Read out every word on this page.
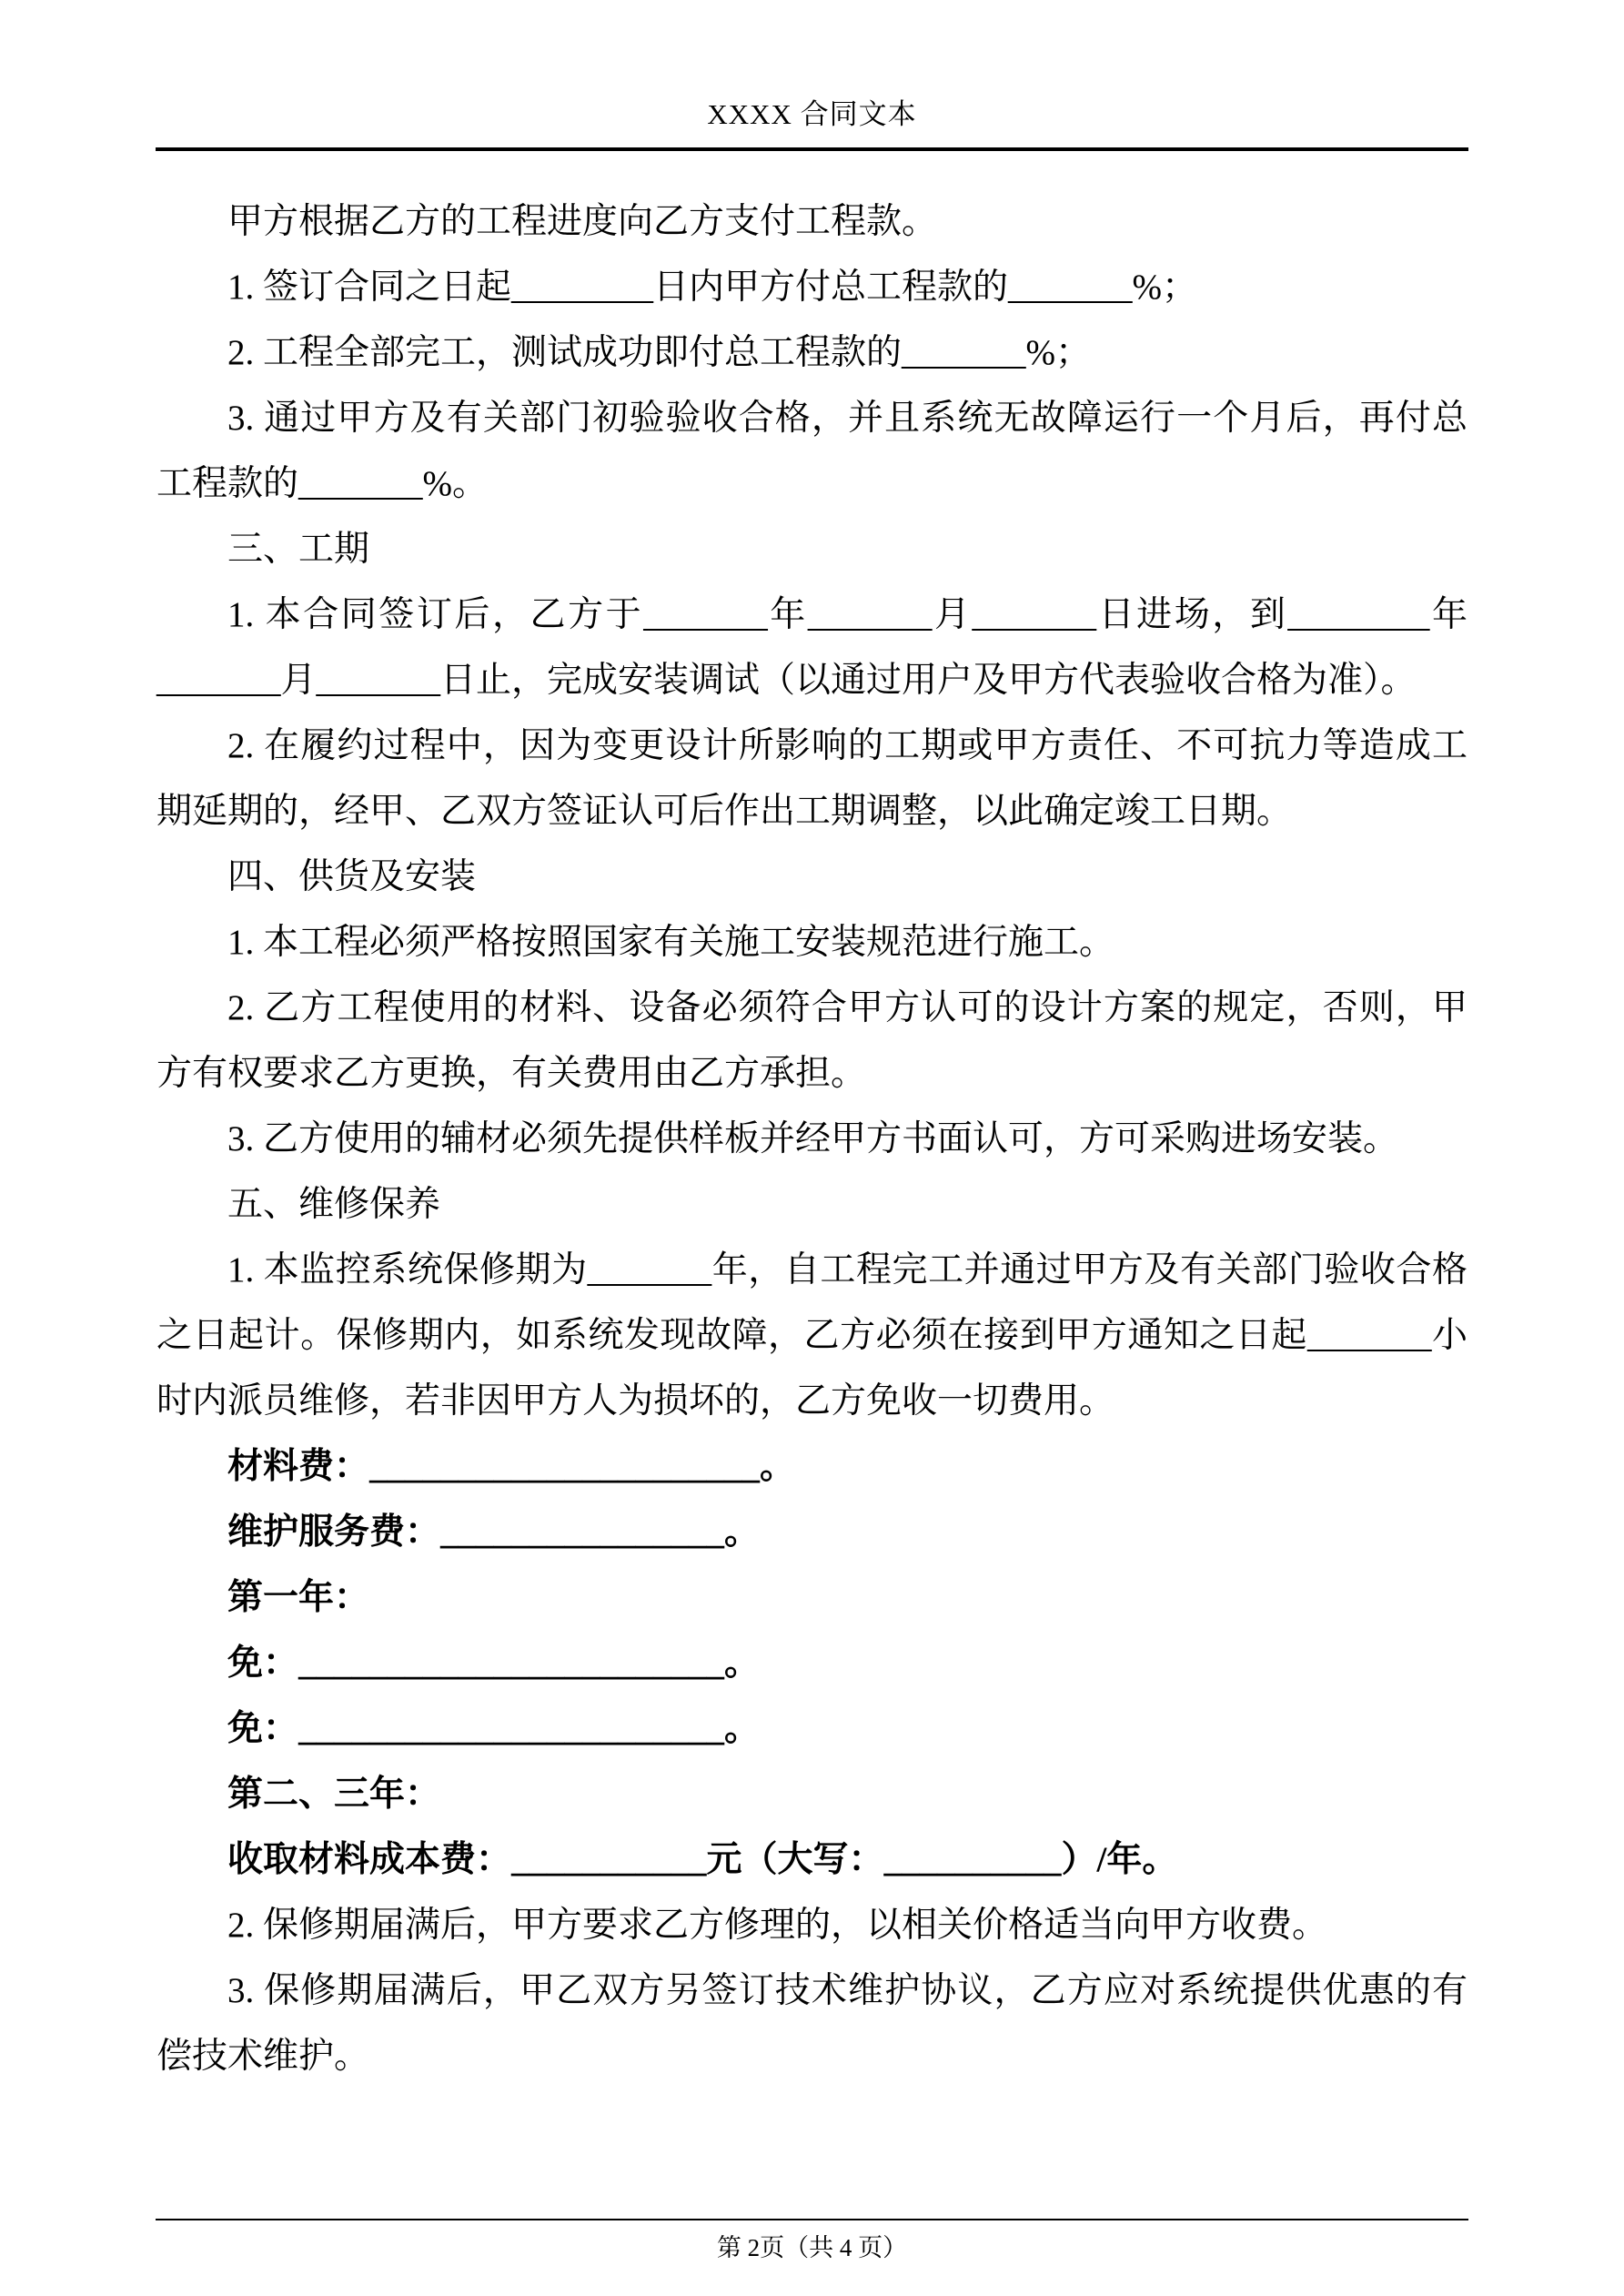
XXXX 合同文本

甲方根据乙方的工程进度向乙方支付工程款。

1. 签订合同之日起________日内甲方付总工程款的_______%；

2. 工程全部完工，测试成功即付总工程款的_______%；

3. 通过甲方及有关部门初验验收合格，并且系统无故障运行一个月后，再付总工程款的_______%。

三、工期

1. 本合同签订后，乙方于_______年_______月_______日进场，到________年_______月_______日止，完成安装调试（以通过用户及甲方代表验收合格为准）。

2. 在履约过程中，因为变更设计所影响的工期或甲方责任、不可抗力等造成工期延期的，经甲、乙双方签证认可后作出工期调整，以此确定竣工日期。

四、供货及安装

1. 本工程必须严格按照国家有关施工安装规范进行施工。

2. 乙方工程使用的材料、设备必须符合甲方认可的设计方案的规定，否则，甲方有权要求乙方更换，有关费用由乙方承担。

3. 乙方使用的辅材必须先提供样板并经甲方书面认可，方可采购进场安装。

五、维修保养

1. 本监控系统保修期为_______年，自工程完工并通过甲方及有关部门验收合格之日起计。保修期内，如系统发现故障，乙方必须在接到甲方通知之日起_______小时内派员维修，若非因甲方人为损坏的，乙方免收一切费用。

材料费：______________________。

维护服务费：________________。

第一年：

免：________________________。

免：________________________。

第二、三年：

收取材料成本费：___________元（大写：__________）/年。

2. 保修期届满后，甲方要求乙方修理的，以相关价格适当向甲方收费。

3. 保修期届满后，甲乙双方另签订技术维护协议，乙方应对系统提供优惠的有偿技术维护。

第 2页（共 4 页）
